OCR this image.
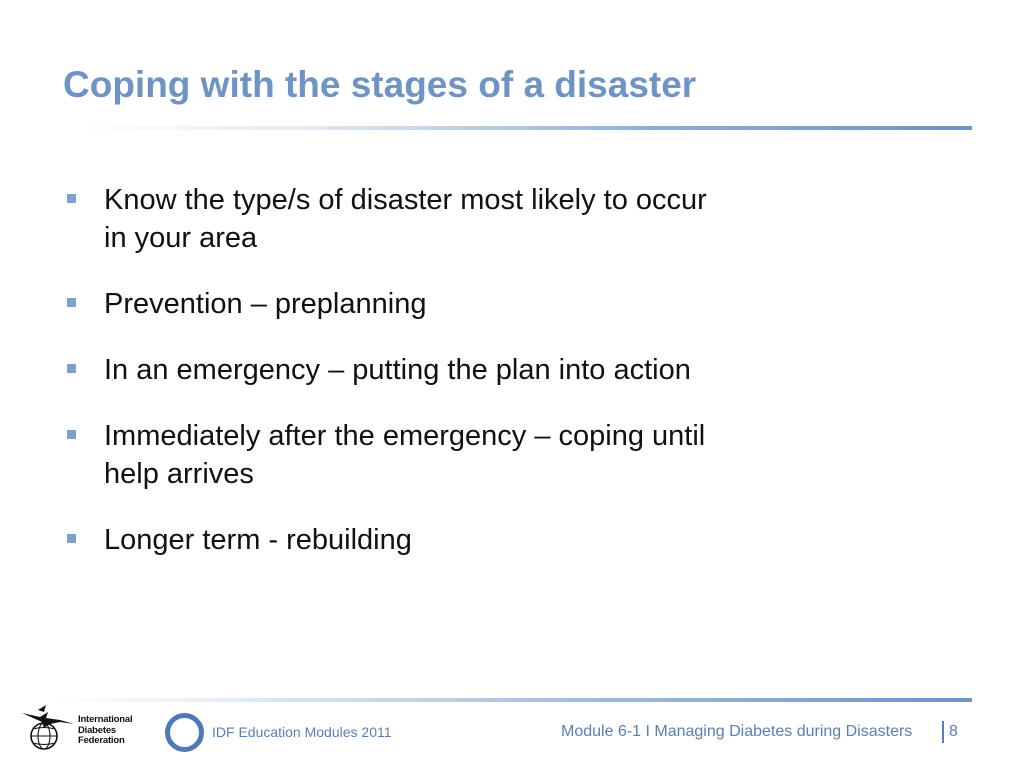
Coping with the stages of a disaster
Know the type/s of disaster most likely to occur
in your area
Prevention – preplanning
In an emergency – putting the plan into action
Immediately after the emergency – coping until
help arrives
Longer term - rebuilding
International
Diabetes
Federation
IDF Education Modules 2011	Module 6-1 I Managing Diabetes during Disasters 8
